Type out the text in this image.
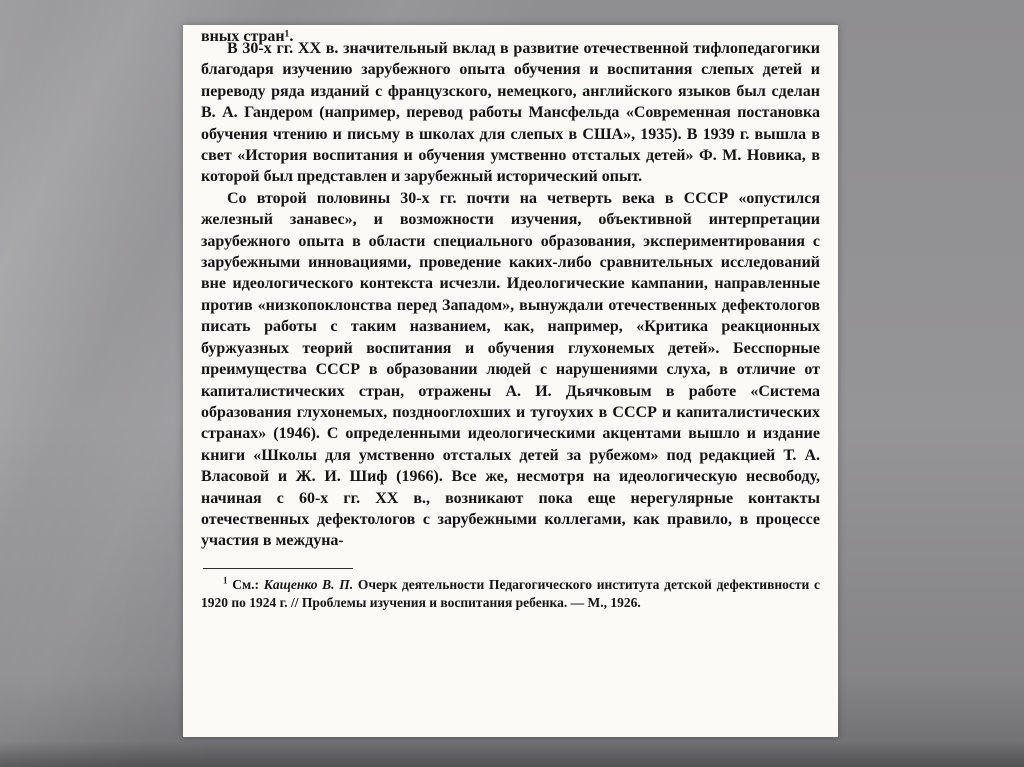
вных стран¹.

В 30-х гг. XX в. значительный вклад в развитие отечественной тифлопедагогики благодаря изучению зарубежного опыта обучения и воспитания слепых детей и переводу ряда изданий с французского, немецкого, английского языков был сделан В. А. Гандером (например, перевод работы Мансфельда «Современная постановка обучения чтению и письму в школах для слепых в США», 1935). В 1939 г. вышла в свет «История воспитания и обучения умственно отсталых детей» Ф. М. Новика, в которой был представлен и зарубежный исторический опыт.

Со второй половины 30-х гг. почти на четверть века в СССР «опустился железный занавес», и возможности изучения, объективной интерпретации зарубежного опыта в области специального образования, экспериментирования с зарубежными инновациями, проведение каких-либо сравнительных исследований вне идеологического контекста исчезли. Идеологические кампании, направленные против «низкопоклонства перед Западом», вынуждали отечественных дефектологов писать работы с таким названием, как, например, «Критика реакционных буржуазных теорий воспитания и обучения глухонемых детей». Бесспорные преимущества СССР в образовании людей с нарушениями слуха, в отличие от капиталистических стран, отражены А. И. Дьячковым в работе «Система образования глухонемых, позднооглохших и тугоухих в СССР и капиталистических странах» (1946). С определенными идеологическими акцентами вышло и издание книги «Школы для умственно отсталых детей за рубежом» под редакцией Т. А. Власовой и Ж. И. Шиф (1966). Все же, несмотря на идеологическую несвободу, начиная с 60-х гг. XX в., возникают пока еще нерегулярные контакты отечественных дефектологов с зарубежными коллегами, как правило, в процессе участия в междуна-

$^1$ См.: Кащенко В. П. Очерк деятельности Педагогического института детской дефективности с 1920 по 1924 г. // Проблемы изучения и воспитания ребенка. — М., 1926.
